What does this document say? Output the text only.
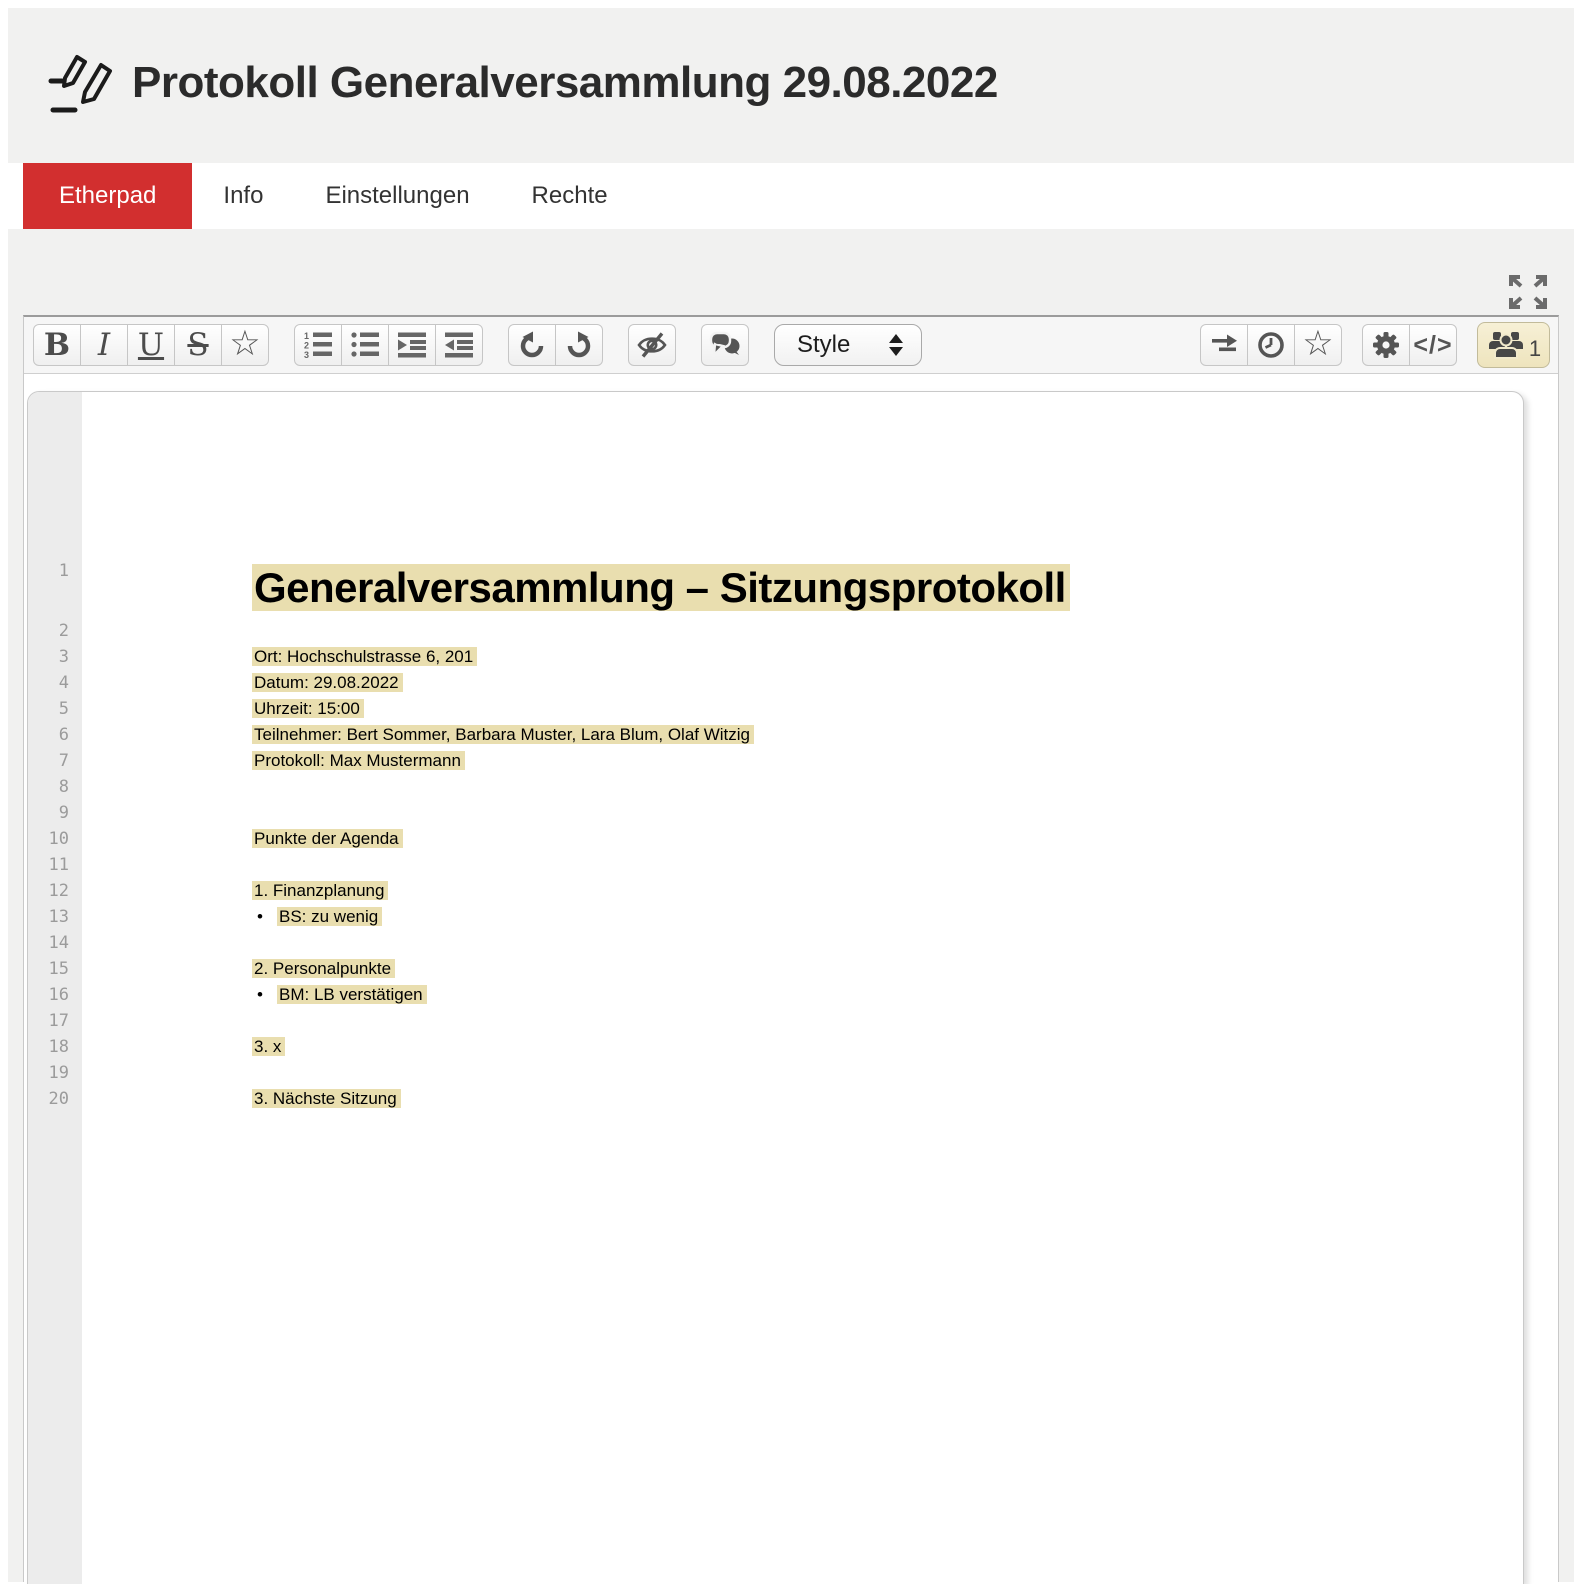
Protokoll Generalversammlung 29.08.2022
Etherpad	Info	Einstellungen	Rechte
B I U S ☆	1
2
3	Style	☆	</>	1
1	Generalversammlung – Sitzungsprotokoll
2
3	Ort: Hochschulstrasse 6, 201
4	Datum: 29.08.2022
5	Uhrzeit: 15:00
6	Teilnehmer: Bert Sommer, Barbara Muster, Lara Blum, Olaf Witzig
7	Protokoll: Max Mustermann
8
9
10	Punkte der Agenda
11
12	1. Finanzplanung
13	• BS: zu wenig
14
15	2. Personalpunkte
16	• BM: LB verstätigen
17
18	3. x
19
20	3. Nächste Sitzung
